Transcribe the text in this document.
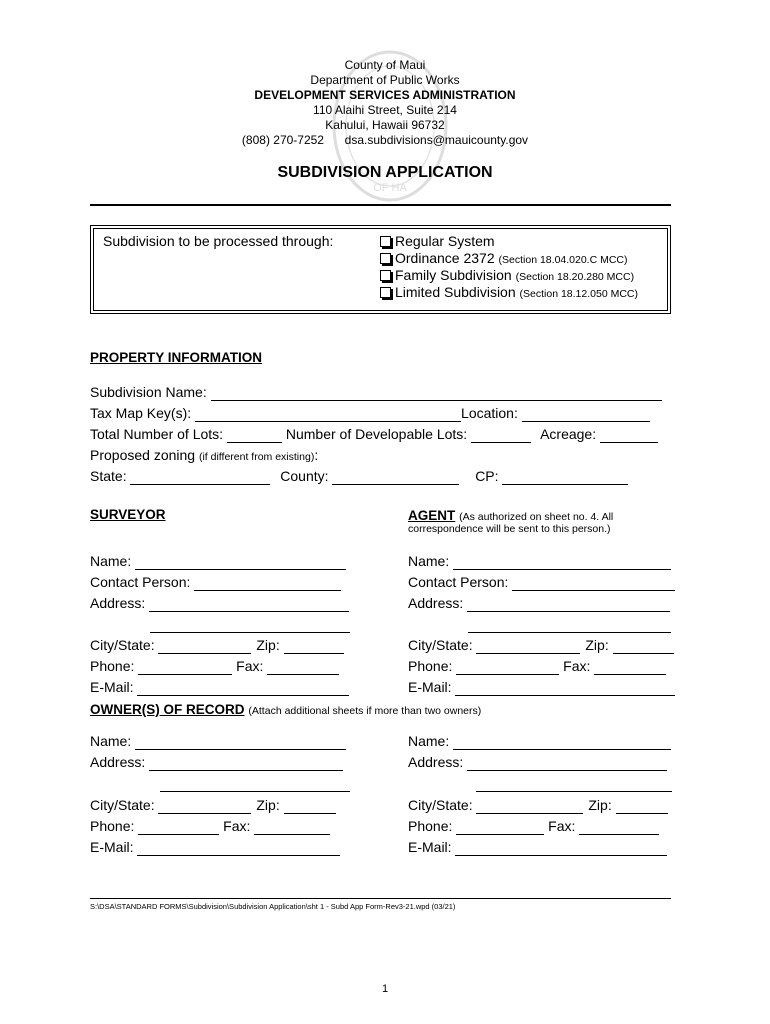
OF HA
County of Maui
Department of Public Works
DEVELOPMENT SERVICES ADMINISTRATION
110 Alaihi Street, Suite 214
Kahului, Hawaii 96732
(808) 270-7252 dsa.subdivisions@mauicounty.gov
SUBDIVISION APPLICATION
Subdivision to be processed through:	Regular System
Ordinance 2372 (Section 18.04.020.C MCC)
Family Subdivision (Section 18.20.280 MCC)
Limited Subdivision (Section 18.12.050 MCC)
PROPERTY INFORMATION
Subdivision Name:
Tax Map Key(s):	Location:
Total Number of Lots:	Number of Developable Lots:	Acreage:
Proposed zoning (if different from existing):
State:	County:	CP:
SURVEYOR	AGENT (As authorized on sheet no. 4. All
correspondence will be sent to this person.)
Name:
Contact Person:
Address:
City/State:	Zip:
Phone:	Fax:
E-Mail:
Name:
Contact Person:
Address:
City/State:	Zip:
Phone:	Fax:
E-Mail:
OWNER(S) OF RECORD (Attach additional sheets if more than two owners)
Name:
Address:
City/State:	Zip:
Phone:	Fax:
E-Mail:
Name:
Address:
City/State:	Zip:
Phone:	Fax:
E-Mail:
S:\DSA\STANDARD FORMS\Subdivision\Subdivision Application\sht 1 - Subd App Form-Rev3-21.wpd (03/21)
1
